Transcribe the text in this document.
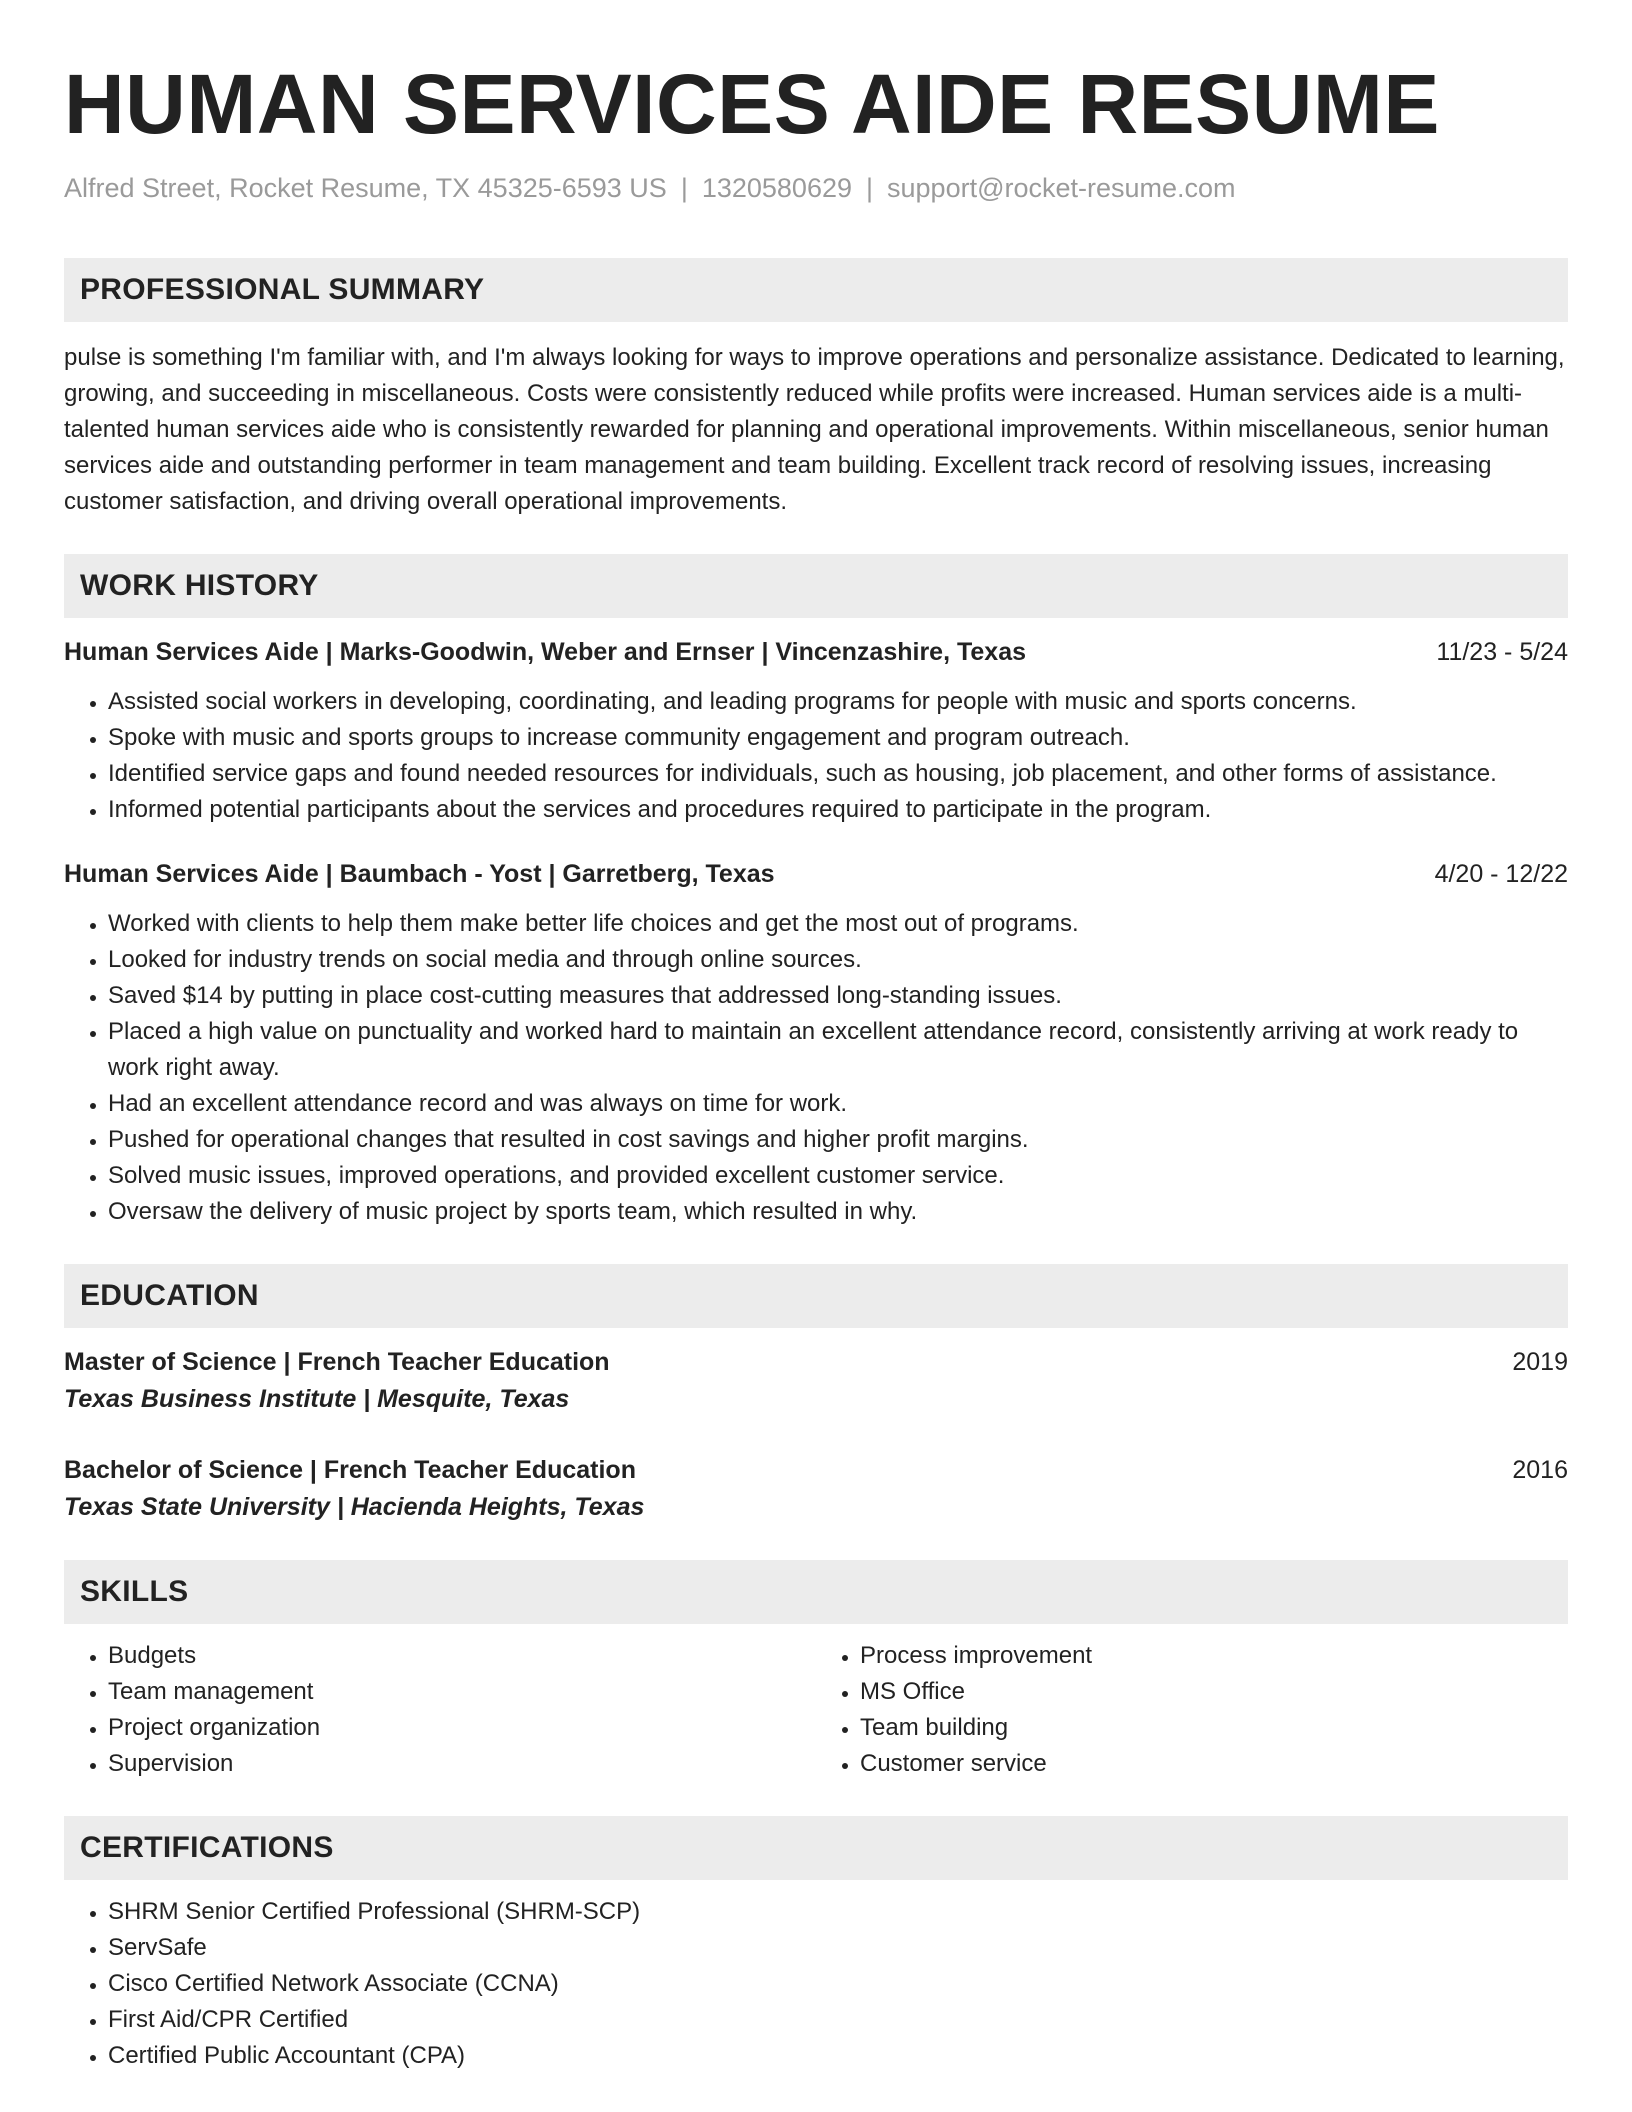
HUMAN SERVICES AIDE RESUME
Alfred Street, Rocket Resume, TX 45325-6593 US | 1320580629 | support@rocket-resume.com
PROFESSIONAL SUMMARY
pulse is something I'm familiar with, and I'm always looking for ways to improve operations and personalize assistance. Dedicated to learning, growing, and succeeding in miscellaneous. Costs were consistently reduced while profits were increased. Human services aide is a multi-talented human services aide who is consistently rewarded for planning and operational improvements. Within miscellaneous, senior human services aide and outstanding performer in team management and team building. Excellent track record of resolving issues, increasing customer satisfaction, and driving overall operational improvements.
WORK HISTORY
Human Services Aide | Marks-Goodwin, Weber and Ernser | Vincenzashire, Texas	11/23 - 5/24
• Assisted social workers in developing, coordinating, and leading programs for people with music and sports concerns.
• Spoke with music and sports groups to increase community engagement and program outreach.
• Identified service gaps and found needed resources for individuals, such as housing, job placement, and other forms of assistance.
• Informed potential participants about the services and procedures required to participate in the program.
Human Services Aide | Baumbach - Yost | Garretberg, Texas	4/20 - 12/22
• Worked with clients to help them make better life choices and get the most out of programs.
• Looked for industry trends on social media and through online sources.
• Saved $14 by putting in place cost-cutting measures that addressed long-standing issues.
• Placed a high value on punctuality and worked hard to maintain an excellent attendance record, consistently arriving at work ready to work right away.
• Had an excellent attendance record and was always on time for work.
• Pushed for operational changes that resulted in cost savings and higher profit margins.
• Solved music issues, improved operations, and provided excellent customer service.
• Oversaw the delivery of music project by sports team, which resulted in why.
EDUCATION
Master of Science | French Teacher Education	2019
Texas Business Institute | Mesquite, Texas
Bachelor of Science | French Teacher Education	2016
Texas State University | Hacienda Heights, Texas
SKILLS
• Budgets
• Team management
• Project organization
• Supervision
• Process improvement
• MS Office
• Team building
• Customer service
CERTIFICATIONS
• SHRM Senior Certified Professional (SHRM-SCP)
• ServSafe
• Cisco Certified Network Associate (CCNA)
• First Aid/CPR Certified
• Certified Public Accountant (CPA)
